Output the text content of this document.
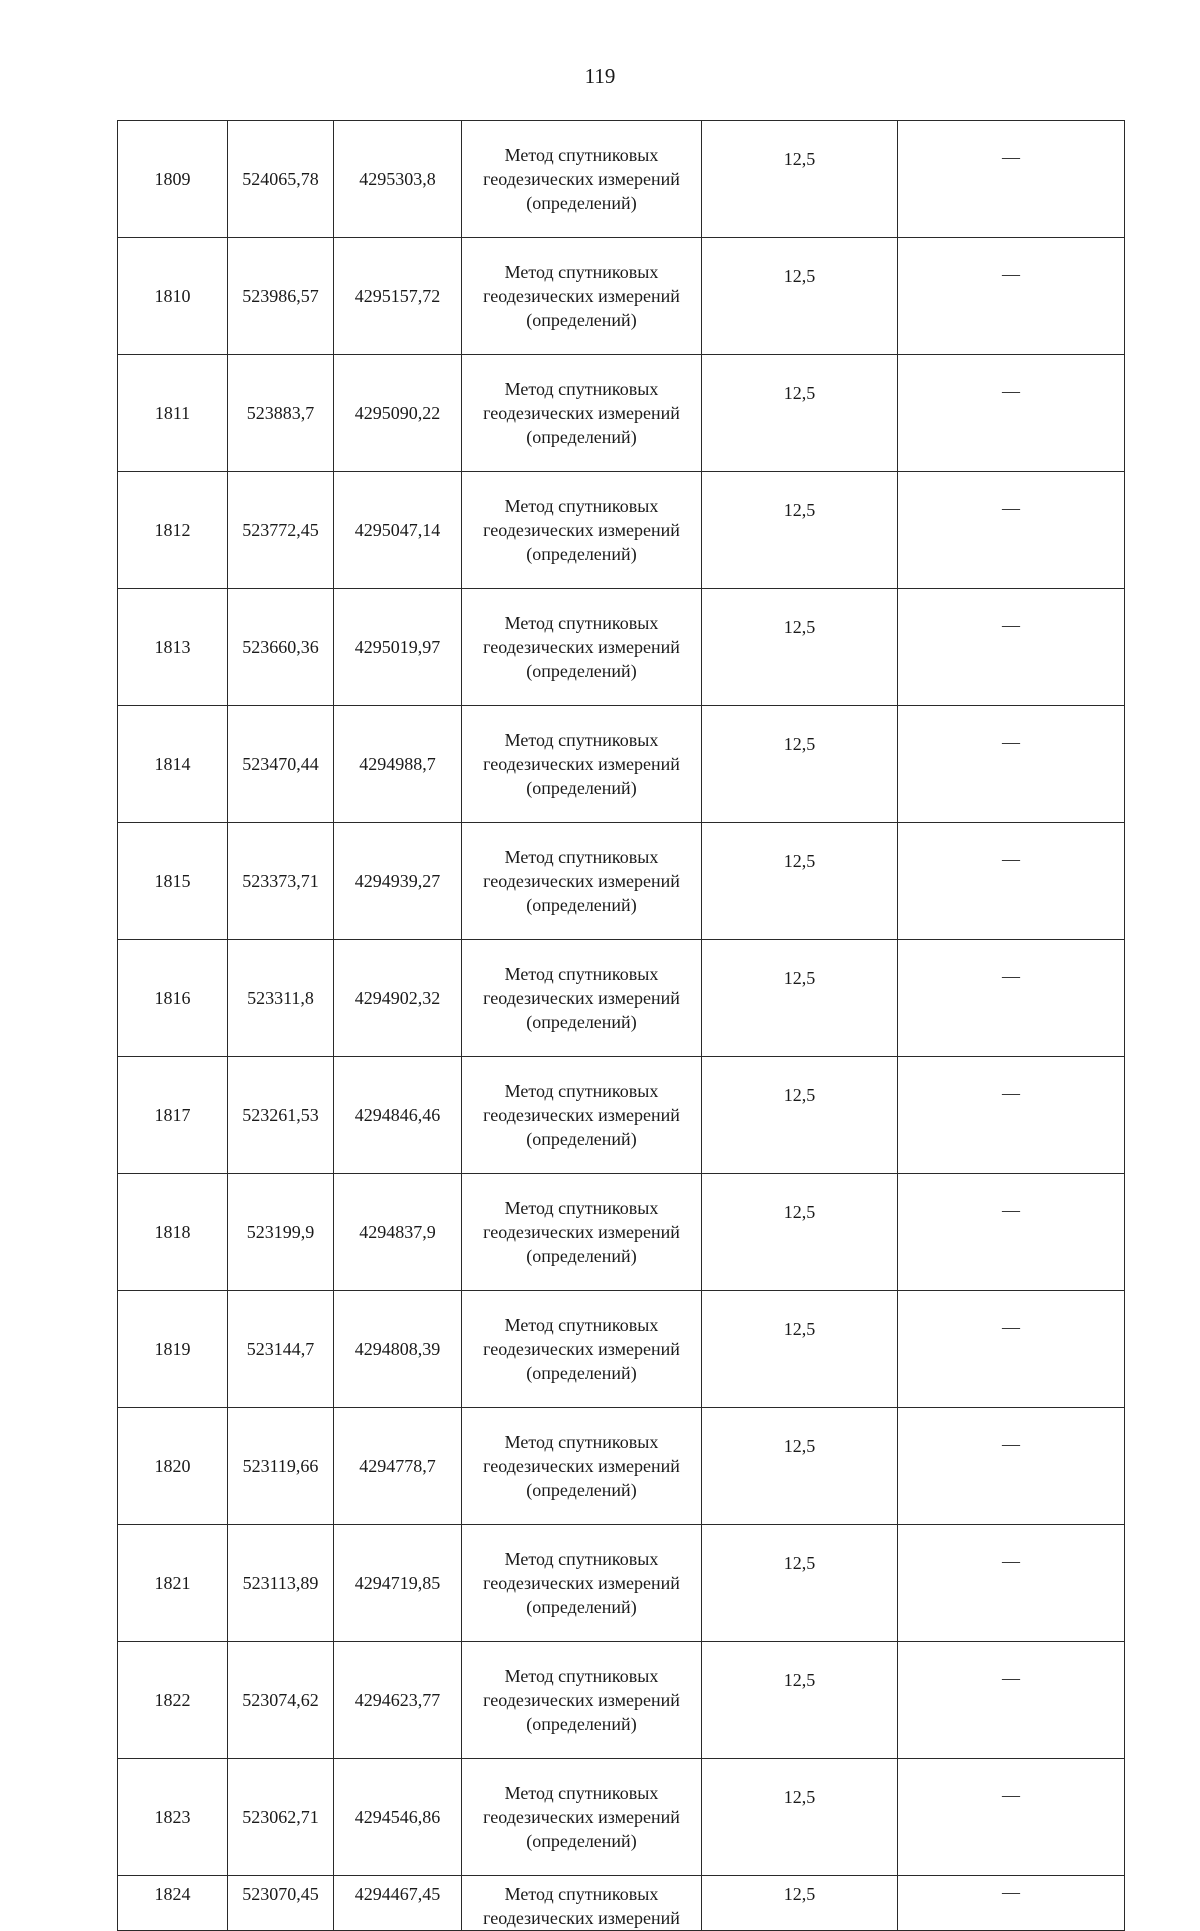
119
1809	524065,78	4295303,8	Метод спутниковых
геодезических измерений
(определений)	12,5	—
1810	523986,57	4295157,72	Метод спутниковых
геодезических измерений
(определений)	12,5	—
1811	523883,7	4295090,22	Метод спутниковых
геодезических измерений
(определений)	12,5	—
1812	523772,45	4295047,14	Метод спутниковых
геодезических измерений
(определений)	12,5	—
1813	523660,36	4295019,97	Метод спутниковых
геодезических измерений
(определений)	12,5	—
1814	523470,44	4294988,7	Метод спутниковых
геодезических измерений
(определений)	12,5	—
1815	523373,71	4294939,27	Метод спутниковых
геодезических измерений
(определений)	12,5	—
1816	523311,8	4294902,32	Метод спутниковых
геодезических измерений
(определений)	12,5	—
1817	523261,53	4294846,46	Метод спутниковых
геодезических измерений
(определений)	12,5	—
1818	523199,9	4294837,9	Метод спутниковых
геодезических измерений
(определений)	12,5	—
1819	523144,7	4294808,39	Метод спутниковых
геодезических измерений
(определений)	12,5	—
1820	523119,66	4294778,7	Метод спутниковых
геодезических измерений
(определений)	12,5	—
1821	523113,89	4294719,85	Метод спутниковых
геодезических измерений
(определений)	12,5	—
1822	523074,62	4294623,77	Метод спутниковых
геодезических измерений
(определений)	12,5	—
1823	523062,71	4294546,86	Метод спутниковых
геодезических измерений
(определений)	12,5	—
1824	523070,45	4294467,45	Метод спутниковых
геодезических измерений	12,5	—
